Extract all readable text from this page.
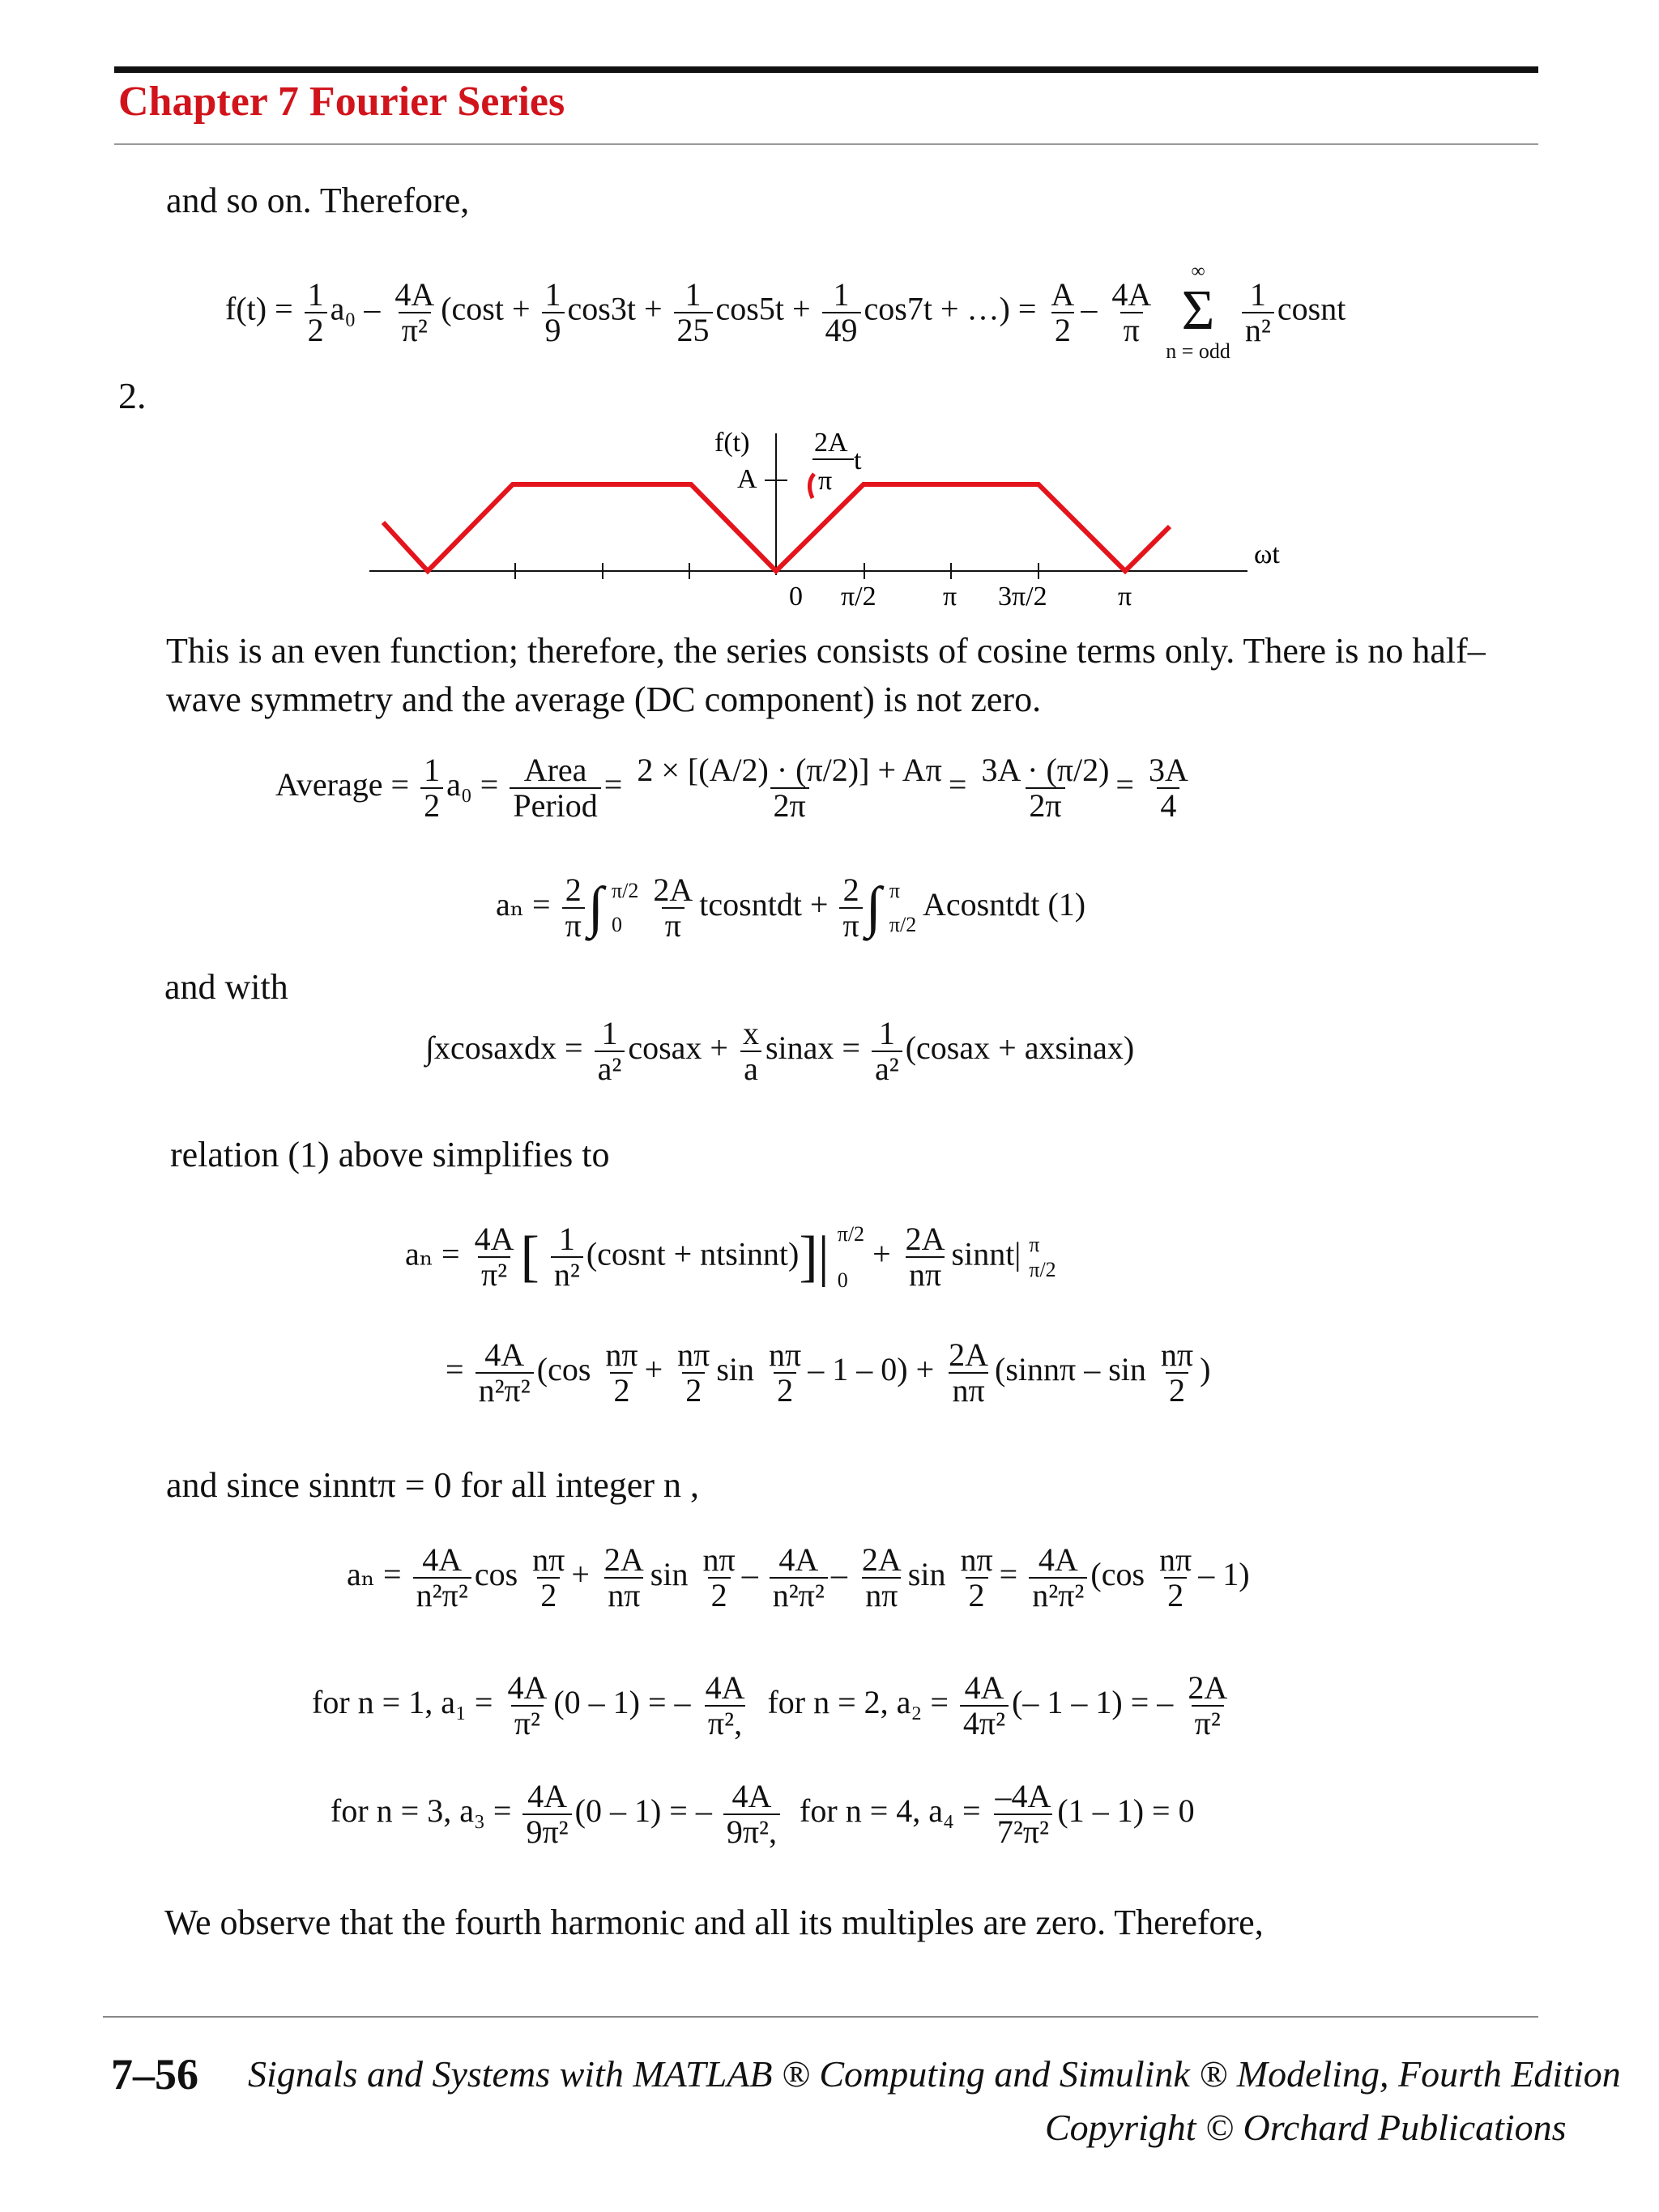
Chapter 7 Fourier Series
and so on. Therefore,
$f(t) = \frac{1}{2} a_0 - \frac{4A}{\text{π²}} (\cos t + \frac{1}{9} \cos 3t + \frac{1}{25} \cos 5t + \frac{1}{49} \cos 7t$ + …) = $\frac{A}{2} - \frac{4A}{\pi}$

∞
Σ
n = odd

$\frac{1}{\text{n²}}$ cosnt
2.
f(t)
A
2A
π
t
ωt
0 π/2 π 3π/2	π
This is an even function; therefore, the series consists of cosine terms only. There is no half–
wave symmetry and the average (DC component) is not zero.
Average = $\frac{1}{2} a_0 = \frac{\text{Area}}{\text{Period}} = \frac{2 \times [(A/2) \cdot (\pi/2)] + A\pi}{2\pi} = \frac{3A \cdot (\pi/2)}{2\pi} = \frac{3A}{4}$
$a_n = \frac{2}{\pi}$ ∫ π/2
0
$\frac{2A}{\pi}$ tcosntdt + $\frac{2}{\pi}$ ∫ π
π/2
Acosntdt (1)
and with
∫xcosaxdx = $\frac{1}{\text{a²}}$ cosax + $\frac{x}{a}$ sinax = $\frac{1}{\text{a²}}$ (cosax + axsinax)
relation (1) above simplifies to
$a_n = \frac{4A}{\text{π²}}$ [ $\frac{1}{\text{n²}}$ (cosnt + ntsinnt)]| π/2
0
+ $\frac{2A}{n\pi}$ sinnt| π
π/2
= $\frac{4A}{\text{n²π²}} (\cos \frac{n\pi}{2} + \frac{n\pi}{2}$ $\sin \frac{n\pi}{2} - 1 - 0) + \frac{2A}{n\pi} (\sin n\pi - \sin \frac{n\pi}{2}$ )
and since sinntπ = 0 for all integer n ,
$a_n = \frac{4A}{\text{n²π²}}$ $\cos \frac{n\pi}{2} + \frac{2A}{n\pi}$ $\sin \frac{n\pi}{2} - \frac{4A}{\text{n²π²}} - \frac{2A}{n\pi}$ $\sin \frac{n\pi}{2} = \frac{4A}{\text{n²π²}} (\cos \frac{n\pi}{2} - 1)$
for n = 1, $a_1 = \frac{4A}{\text{π²}} (0 - 1)$ = – $\frac{4A}{\text{π²,}}$ for n = 2, $a_2 = \frac{4A}{\text{4π²}}$ (– 1 – 1) = – $\frac{2A}{\text{π²}}$
for n = 3, $a_3 = \frac{4A}{\text{9π²}} (0 - 1)$ = – $\frac{4A}{\text{9π²,}}$ for n = 4, $a_4 = \frac{-4A}{\text{7²π²}} (1 - 1) = 0$
We observe that the fourth harmonic and all its multiples are zero. Therefore,
7–56 Signals and Systems with MATLAB ® Computing and Simulink ® Modeling, Fourth Edition
Copyright © Orchard Publications
